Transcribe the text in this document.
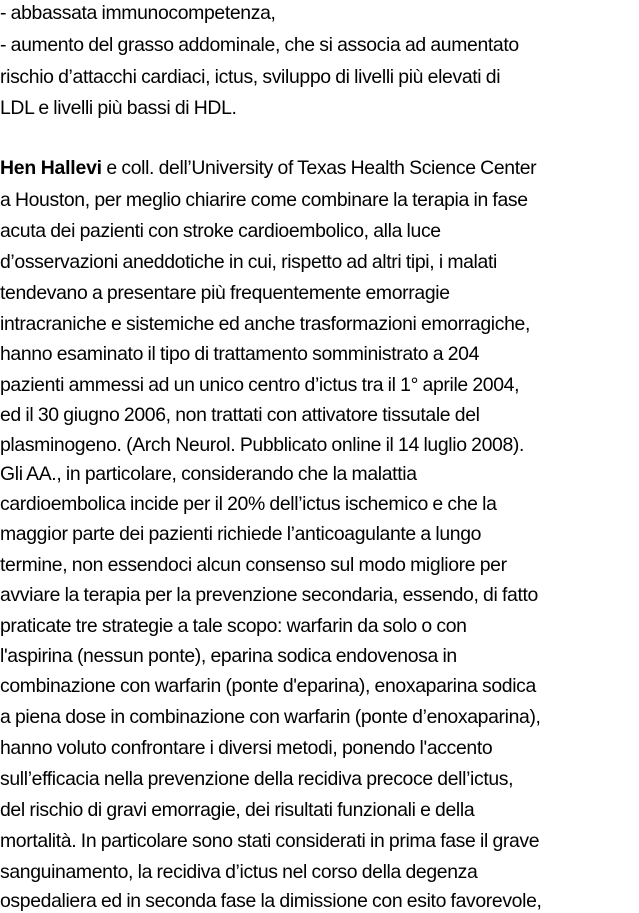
- abbassata immunocompetenza,
- aumento del grasso addominale, che si associa ad aumentato
rischio d’attacchi cardiaci, ictus, sviluppo di livelli più elevati di
LDL e livelli più bassi di HDL.
Hen Hallevi e coll. dell’University of Texas Health Science Center
a Houston, per meglio chiarire come combinare la terapia in fase
acuta dei pazienti con stroke cardioembolico, alla luce
d’osservazioni aneddotiche in cui, rispetto ad altri tipi, i malati
tendevano a presentare più frequentemente emorragie
intracraniche e sistemiche ed anche trasformazioni emorragiche,
hanno esaminato il tipo di trattamento somministrato a 204
pazienti ammessi ad un unico centro d’ictus tra il 1° aprile 2004,
ed il 30 giugno 2006, non trattati con attivatore tissutale del
plasminogeno. (Arch Neurol. Pubblicato online il 14 luglio 2008).
Gli AA., in particolare, considerando che la malattia
cardioembolica incide per il 20% dell’ictus ischemico e che la
maggior parte dei pazienti richiede l’anticoagulante a lungo
termine, non essendoci alcun consenso sul modo migliore per
avviare la terapia per la prevenzione secondaria, essendo, di fatto
praticate tre strategie a tale scopo: warfarin da solo o con
l'aspirina (nessun ponte), eparina sodica endovenosa in
combinazione con warfarin (ponte d'eparina), enoxaparina sodica
a piena dose in combinazione con warfarin (ponte d’enoxaparina),
hanno voluto confrontare i diversi metodi, ponendo l'accento
sull’efficacia nella prevenzione della recidiva precoce dell’ictus,
del rischio di gravi emorragie, dei risultati funzionali e della
mortalità. In particolare sono stati considerati in prima fase il grave
sanguinamento, la recidiva d’ictus nel corso della degenza
ospedaliera ed in seconda fase la dimissione con esito favorevole,
